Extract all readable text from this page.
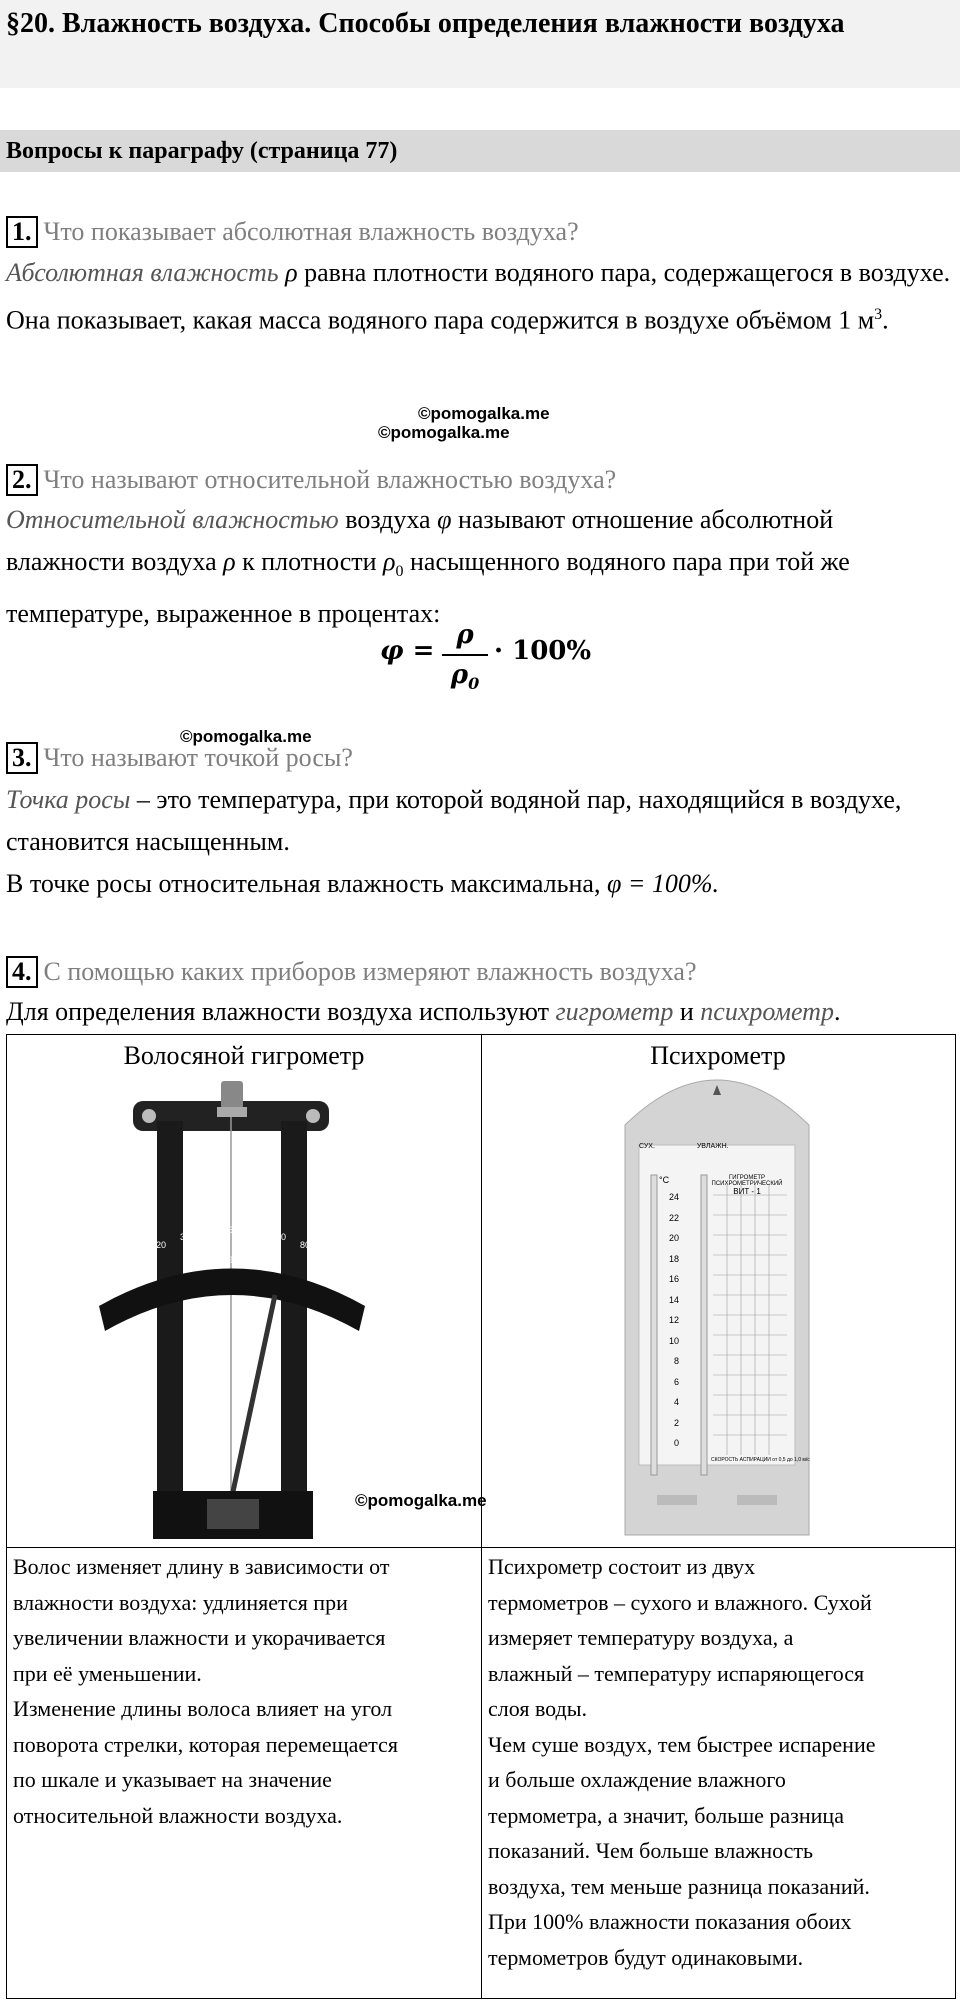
§20. Влажность воздуха. Способы определения влажности воздуха
Вопросы к параграфу (страница 77)
1. Что показывает абсолютная влажность воздуха?
Абсолютная влажность ρ равна плотности водяного пара, содержащегося в воздухе. Она показывает, какая масса водяного пара содержится в воздухе объёмом 1 $м^3$.
©pomogalka.me
©pomogalka.me
2. Что называют относительной влажностью воздуха?
Относительной влажностью воздуха φ называют отношение абсолютной влажности воздуха ρ к плотности $\rho_0$ насыщенного водяного пара при той же температуре, выраженное в процентах:
φ =
ρ
$\rho_0$
· 100%
©pomogalka.me
3. Что называют точкой росы?
Точка росы – это температура, при которой водяной пар, находящийся в воздухе, становится насыщенным.
В точке росы относительная влажность максимальна, φ = 100%.
4. С помощью каких приборов измеряют влажность воздуха?
Для определения влажности воздуха используют гигрометр и психрометр.
Волосяной гигрометр	Психрометр
0
10
20
30
40 50 60
70
80
90
100
%
СУХ.	УВЛАЖН.
ГИГРОМЕТР ПСИХРОМЕТРИЧЕСКИЙ
ВИТ - 1
°С
24
22
20
18
16
14
12
10
8
6
4
2
0
СКОРОСТЬ АСПИРАЦИИ от 0,5 до 1,0 м/с
©pomogalka.me
Волос изменяет длину в зависимости от
влажности воздуха: удлиняется при
увеличении влажности и укорачивается
при её уменьшении.
Изменение длины волоса влияет на угол
поворота стрелки, которая перемещается
по шкале и указывает на значение
относительной влажности воздуха.
Психрометр состоит из двух
термометров – сухого и влажного. Сухой
измеряет температуру воздуха, а
влажный – температуру испаряющегося
слоя воды.
Чем суше воздух, тем быстрее испарение
и больше охлаждение влажного
термометра, а значит, больше разница
показаний. Чем больше влажность
воздуха, тем меньше разница показаний.
При 100% влажности показания обоих
термометров будут одинаковыми.
